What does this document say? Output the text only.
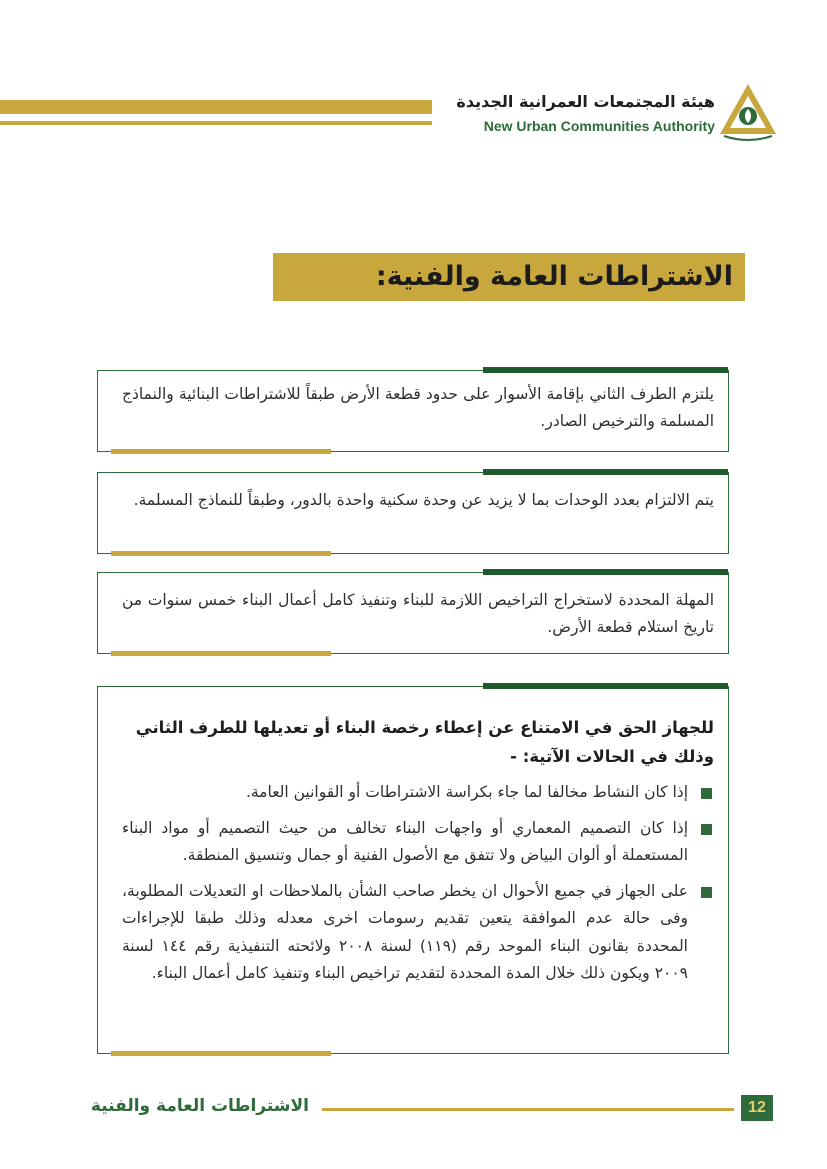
هيئة المجتمعات العمرانية الجديدة
New Urban Communities Authority
الاشتراطات العامة والفنية:
يلتزم الطرف الثاني بإقامة الأسوار على حدود قطعة الأرض طبقاً للاشتراطات البنائية والنماذج المسلمة والترخيص الصادر.
يتم الالتزام بعدد الوحدات بما لا يزيد عن وحدة سكنية واحدة بالدور، وطبقاً للنماذج المسلمة.
المهلة المحددة لاستخراج التراخيص اللازمة للبناء وتنفيذ كامل أعمال البناء خمس سنوات من تاريخ استلام قطعة الأرض.
للجهاز الحق في الامتناع عن إعطاء رخصة البناء أو تعديلها للطرف الثاني وذلك في الحالات الآتية: -
إذا كان النشاط مخالفا لما جاء بكراسة الاشتراطات أو القوانين العامة.
إذا كان التصميم المعماري أو واجهات البناء تخالف من حيث التصميم أو مواد البناء المستعملة أو ألوان البياض ولا تتفق مع الأصول الفنية أو جمال وتنسيق المنطقة.
على الجهاز في جميع الأحوال ان يخطر صاحب الشأن بالملاحظات او التعديلات المطلوبة، وفى حالة عدم الموافقة يتعين تقديم رسومات اخرى معدله وذلك طبقا للإجراءات المحددة بقانون البناء الموحد رقم (١١٩) لسنة ٢٠٠٨ ولائحته التنفيذية رقم ١٤٤ لسنة ٢٠٠٩ ويكون ذلك خلال المدة المحددة لتقديم تراخيص البناء وتنفيذ كامل أعمال البناء.
الاشتراطات العامة والفنية	12
